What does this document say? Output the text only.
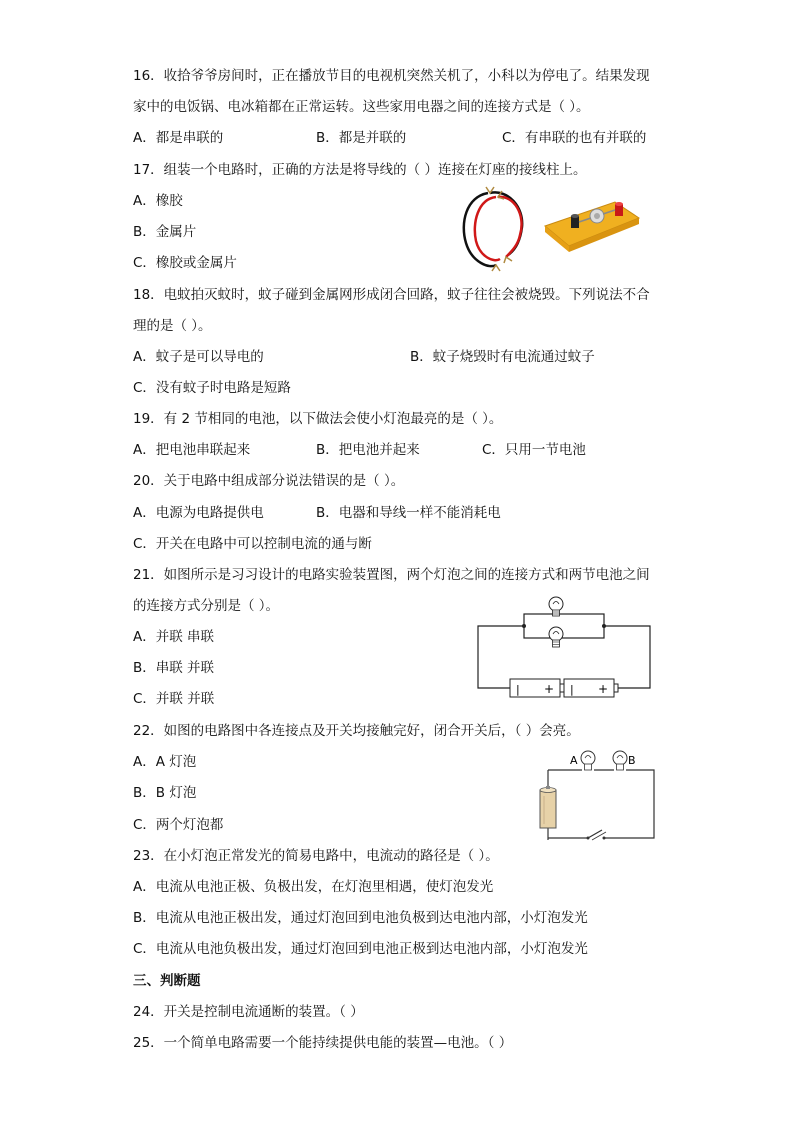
16．收拾爷爷房间时，正在播放节目的电视机突然关机了，小科以为停电了。结果发现
家中的电饭锅、电冰箱都在正常运转。这些家用电器之间的连接方式是（ ）。
A．都是串联的	B．都是并联的	C．有串联的也有并联的
17．组装一个电路时，正确的方法是将导线的（ ）连接在灯座的接线柱上。
A．橡胶
B．金属片
C．橡胶或金属片
18．电蚊拍灭蚊时，蚊子碰到金属网形成闭合回路，蚊子往往会被烧毁。下列说法不合
理的是（ ）。
A．蚊子是可以导电的	B．蚊子烧毁时有电流通过蚊子
C．没有蚊子时电路是短路
19．有 2 节相同的电池，以下做法会使小灯泡最亮的是（ ）。
A．把电池串联起来	B．把电池并起来	C．只用一节电池
20．关于电路中组成部分说法错误的是（ ）。
A．电源为电路提供电	B．电器和导线一样不能消耗电
C．开关在电路中可以控制电流的通与断
21．如图所示是习习设计的电路实验装置图，两个灯泡之间的连接方式和两节电池之间
的连接方式分别是（ ）。
A．并联 串联
B．串联 并联
C．并联 并联
| + | +
22．如图的电路图中各连接点及开关均接触完好，闭合开关后，（ ）会亮。
A．A 灯泡
B．B 灯泡
C．两个灯泡都
A	B
23．在小灯泡正常发光的简易电路中，电流动的路径是（ ）。
A．电流从电池正极、负极出发，在灯泡里相遇，使灯泡发光
B．电流从电池正极出发，通过灯泡回到电池负极到达电池内部，小灯泡发光
C．电流从电池负极出发，通过灯泡回到电池正极到达电池内部，小灯泡发光
三、判断题
24．开关是控制电流通断的装置。（ ）
25．一个简单电路需要一个能持续提供电能的装置—电池。（ ）
